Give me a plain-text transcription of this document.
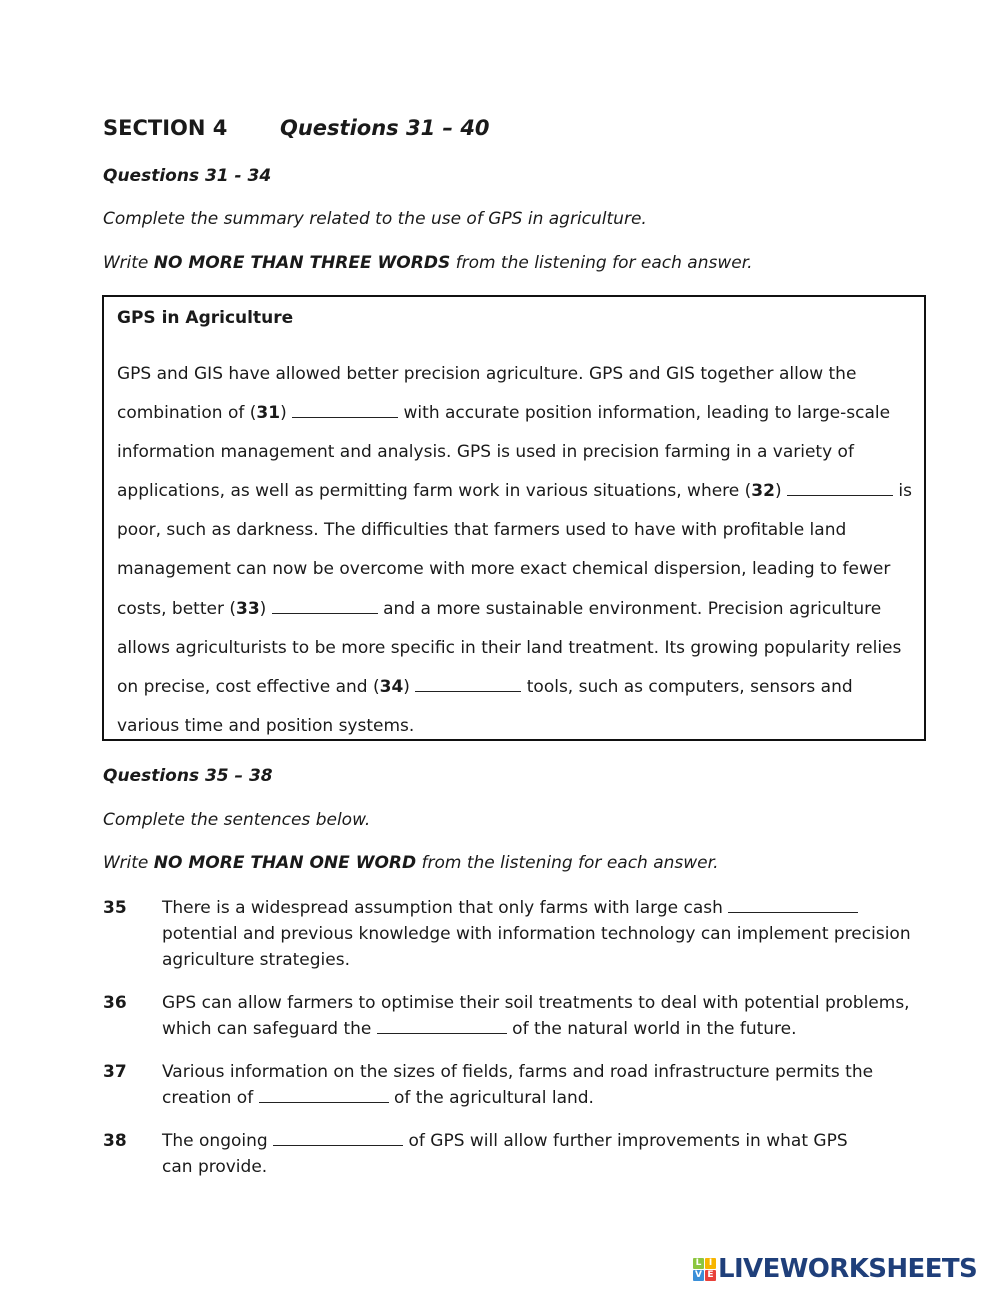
SECTION 4	Questions 31 – 40
Questions 31 - 34
Complete the summary related to the use of GPS in agriculture.
Write NO MORE THAN THREE WORDS from the listening for each answer.
GPS in Agriculture
GPS and GIS have allowed better precision agriculture. GPS and GIS together allow the
combination of (31)	with accurate position information, leading to large-scale
information management and analysis. GPS is used in precision farming in a variety of
applications, as well as permitting farm work in various situations, where (32)	is
poor, such as darkness. The difficulties that farmers used to have with profitable land
management can now be overcome with more exact chemical dispersion, leading to fewer
costs, better (33)	and a more sustainable environment. Precision agriculture
allows agriculturists to be more specific in their land treatment. Its growing popularity relies
on precise, cost effective and (34)	tools, such as computers, sensors and
various time and position systems.
Questions 35 – 38
Complete the sentences below.
Write NO MORE THAN ONE WORD from the listening for each answer.
35 There is a widespread assumption that only farms with large cash
potential and previous knowledge with information technology can implement precision
agriculture strategies.
36 GPS can allow farmers to optimise their soil treatments to deal with potential problems,
which can safeguard the	of the natural world in the future.
37 Various information on the sizes of fields, farms and road infrastructure permits the
creation of	of the agricultural land.
38 The ongoing	of GPS will allow further improvements in what GPS
can provide.
L I
V E LIVEWORKSHEETS
